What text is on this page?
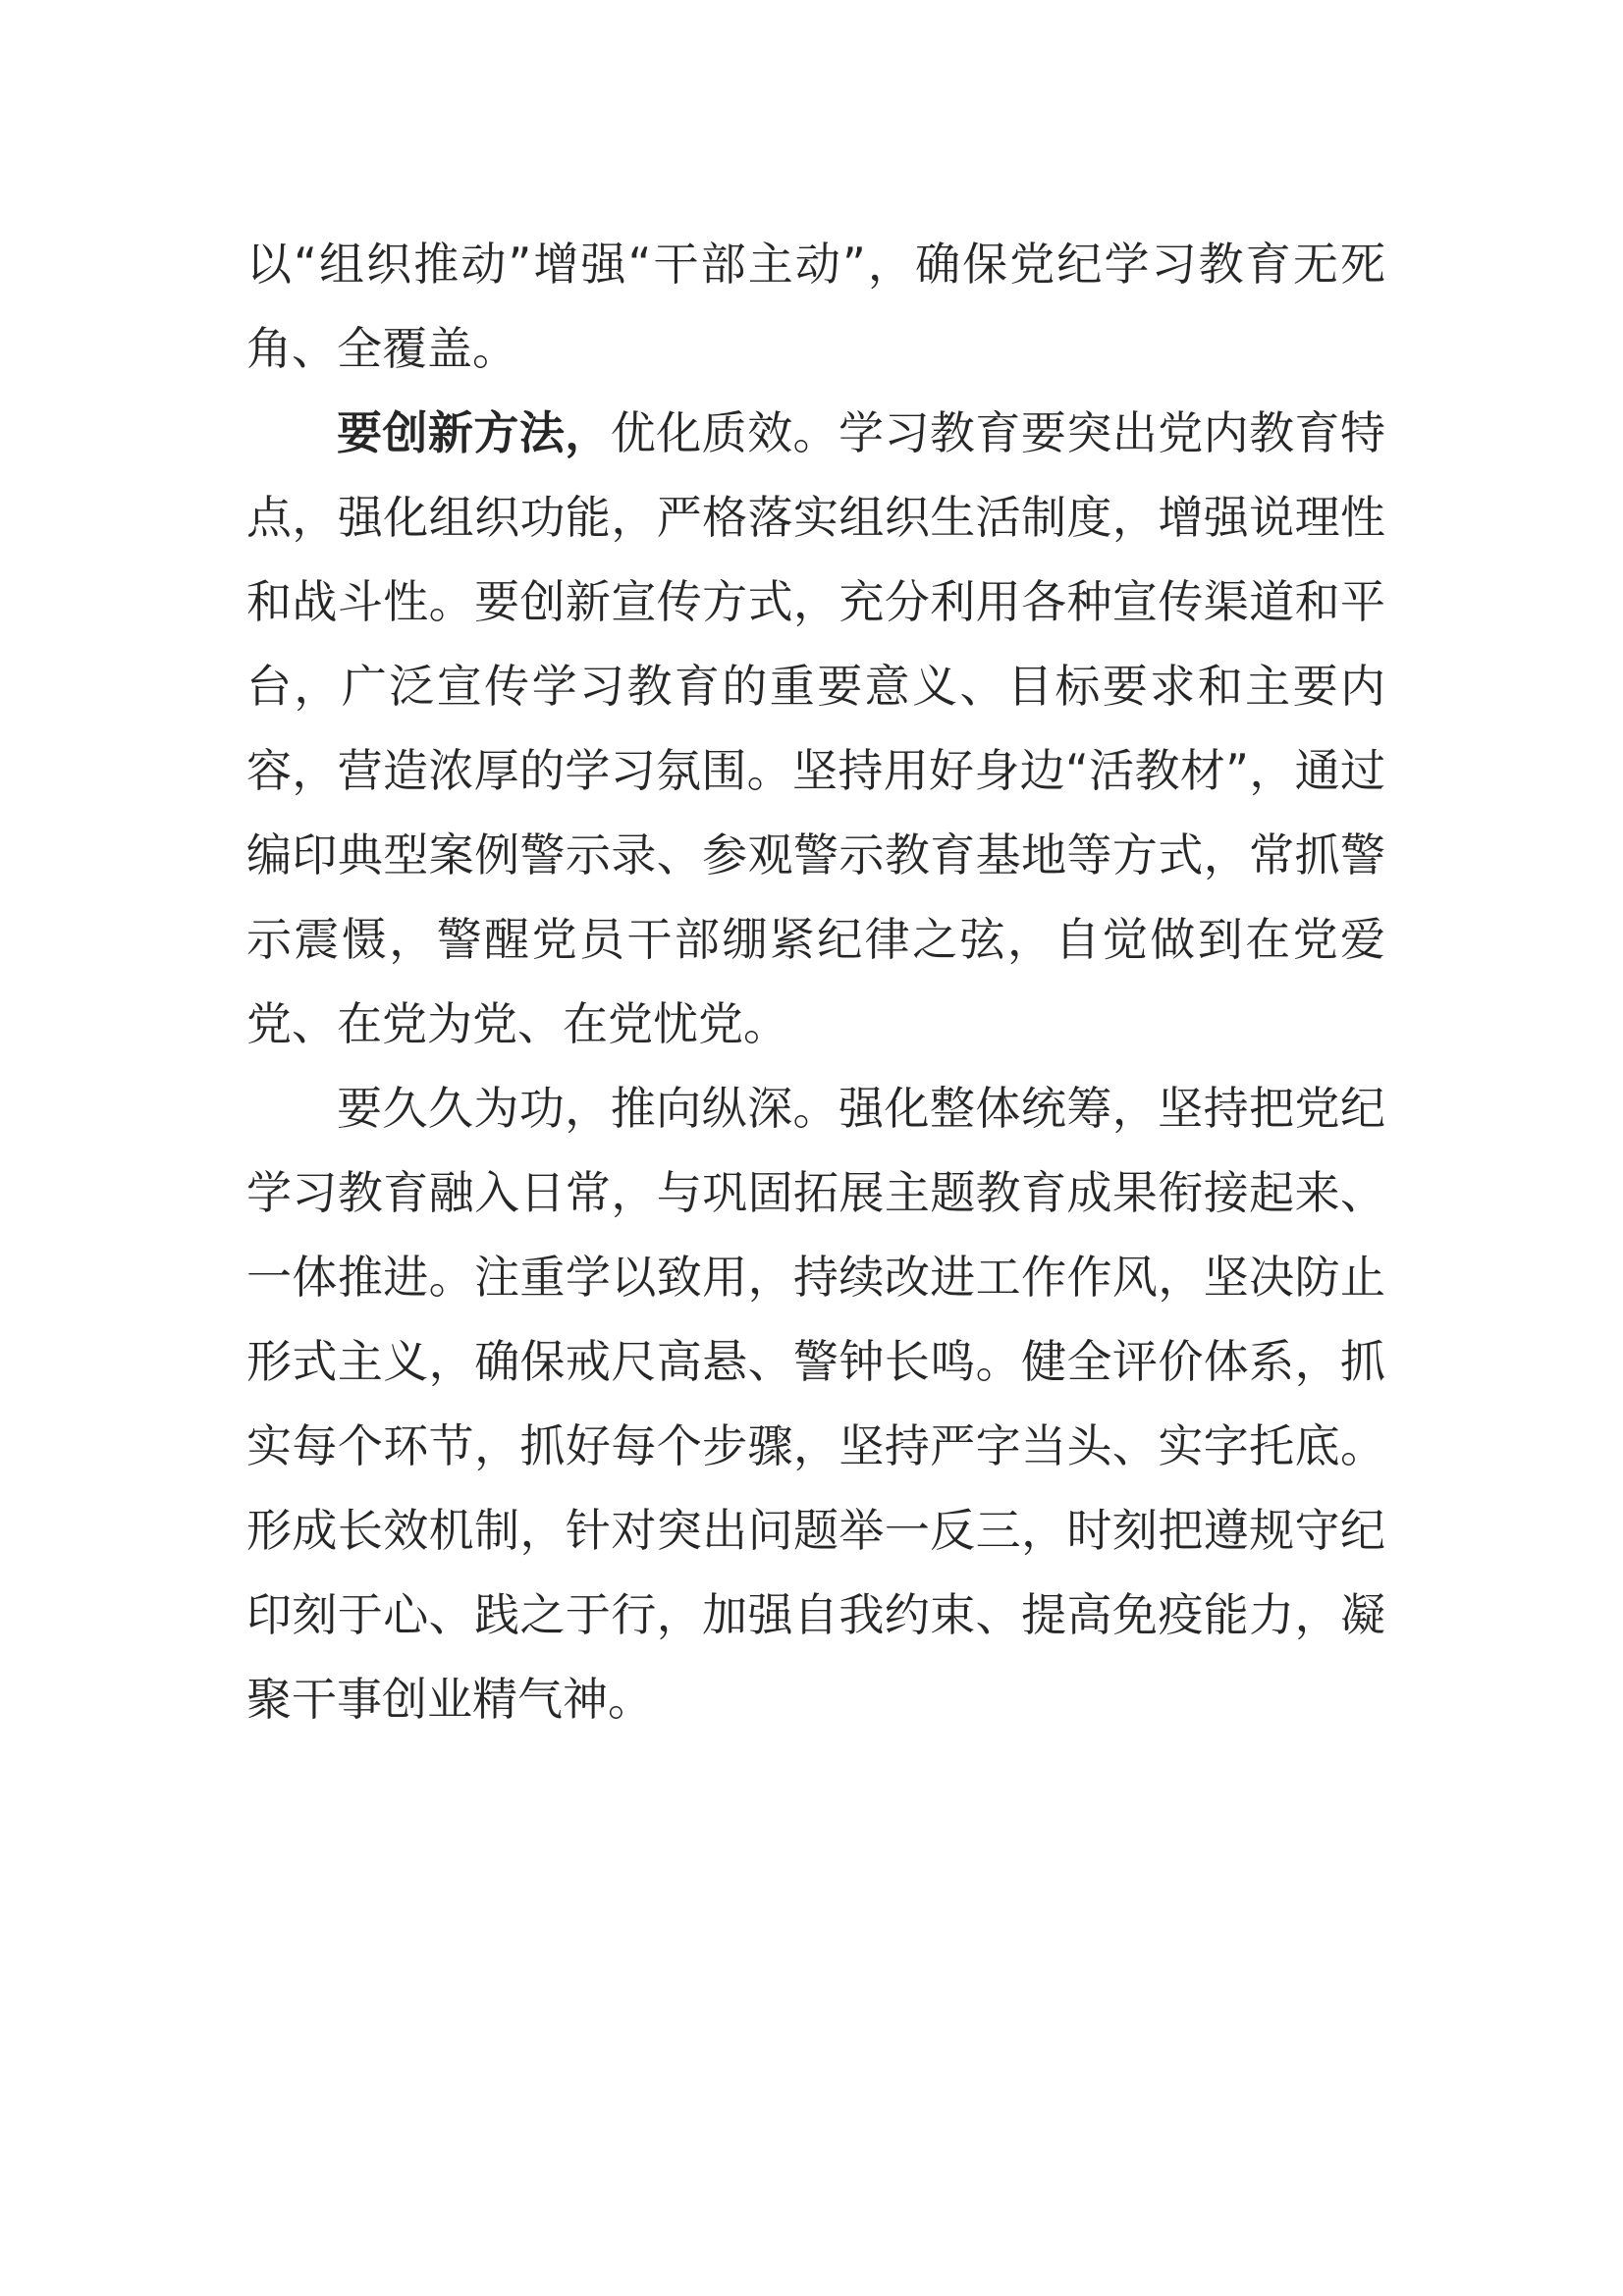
以“组织推动”增强“干部主动”，确保党纪学习教育无死角、全覆盖。

要创新方法，优化质效。学习教育要突出党内教育特点，强化组织功能，严格落实组织生活制度，增强说理性和战斗性。要创新宣传方式，充分利用各种宣传渠道和平台，广泛宣传学习教育的重要意义、目标要求和主要内容，营造浓厚的学习氛围。坚持用好身边“活教材”，通过编印典型案例警示录、参观警示教育基地等方式，常抓警示震慑，警醒党员干部绷紧纪律之弦，自觉做到在党爱党、在党为党、在党忧党。

要久久为功，推向纵深。强化整体统筹，坚持把党纪学习教育融入日常，与巩固拓展主题教育成果衔接起来、一体推进。注重学以致用，持续改进工作作风，坚决防止形式主义，确保戒尺高悬、警钟长鸣。健全评价体系，抓实每个环节，抓好每个步骤，坚持严字当头、实字托底。形成长效机制，针对突出问题举一反三，时刻把遵规守纪印刻于心、践之于行，加强自我约束、提高免疫能力，凝聚干事创业精气神。
